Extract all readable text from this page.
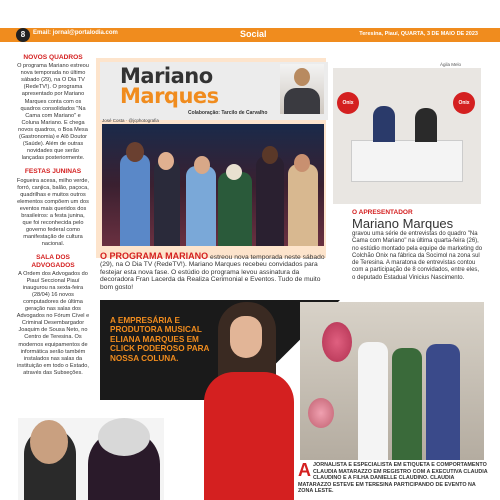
8	Email: jornal@portalodia.com	Social	Teresina, Piauí, QUARTA, 3 DE MAIO DE 2023
NOVOS QUADROS

O programa Mariano estreou nova temporada no último sábado (29), na O Dia TV (RedeTV!). O programa apresentado por Mariano Marques conta com os quadros consolidados "Na Cama com Mariano" e Coluna Mariano. E chega novos quadros, o Boa Mesa (Gastronomia) e Alô Doutor (Saúde). Além de outras novidades que serão lançadas posteriormente.

FESTAS JUNINAS

Fogueira acesa, milho verde, forró, canjica, balão, paçoca, quadrilhas e muitos outros elementos compõem um dos eventos mais queridos dos brasileiros: a festa junina, que foi reconhecida pelo governo federal como manifestação de cultura nacional.

SALA DOS ADVOGADOS

A Ordem dos Advogados do Piauí Seccional Piauí inaugurou na sexta-feira (28/04) 16 novos computadores de última geração nas salas dos Advogados no Fórum Cível e Criminal Desembargador Joaquim de Sousa Neto, no Centro de Teresina. Os modernos equipamentos de informática serão também instalados nas salas da instituição em todo o Estado, através das Subseções.

Mariano
Marques
Colaboração: Tarcilo de Carvalho
José Costa · @jcphotografia
O PROGRAMA MARIANO estreou nova temporada neste sábado (29), na O Dia TV (RedeTV!). Mariano Marques recebeu convidados para festejar esta nova fase. O estúdio do programa levou assinatura da decoradora Fran Lacerda da Realiza Cerimonial e Eventos. Tudo de muito bom gosto!
Ágila Melo
Onix	Onix
O APRESENTADOR
Mariano Marques
gravou uma série de entrevistas do quadro "Na Cama com Mariano" na última quarta-feira (26), no estúdio montado pela equipe de marketing do Colchão Onix na fábrica da Socimol na zona sul de Teresina. A maratona de entrevistas contou com a participação de 8 convidados, entre eles, o deputado Estadual Vinicius Nascimento.
A EMPRESÁRIA E PRODUTORA MUSICAL ELIANA MARQUES EM CLICK PODEROSO PARA NOSSA COLUNA.
AJORNALISTA E ESPECIALISTA EM ETIQUETA E COMPORTAMENTO CLAUDIA MATARAZZO EM REGISTRO COM A EXECUTIVA CLAUDIA CLAUDINO E A FILHA DANIELLE CLAUDINO. CLAUDIA MATARAZZO ESTEVE EM TERESINA PARTICIPANDO DE EVENTO NA ZONA LESTE.
